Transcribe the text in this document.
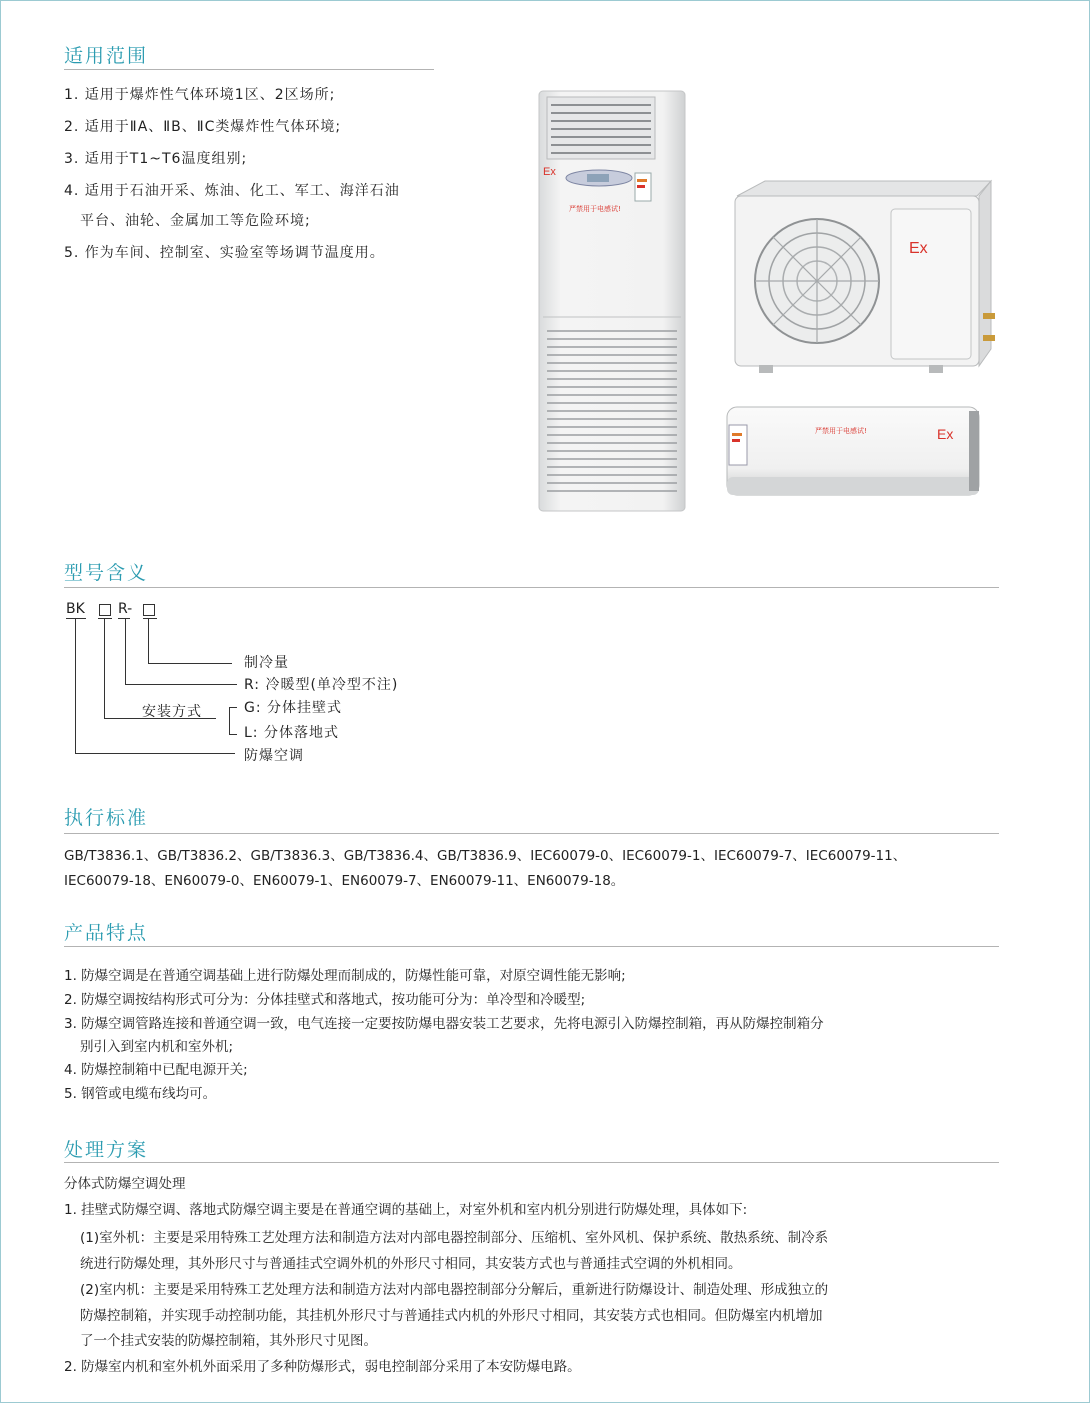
适用范围
1. 适用于爆炸性气体环境1区、2区场所;
2. 适用于ⅡA、ⅡB、ⅡC类爆炸性气体环境;
3. 适用于T1~T6温度组别;
4. 适用于石油开采、炼油、化工、军工、海洋石油
平台、油轮、金属加工等危险环境;
5. 作为车间、控制室、实验室等场调节温度用。
Ex
严禁用于电感试!
Ex
严禁用于电感试!	Ex
型号含义
BK R-
制冷量
R: 冷暖型(单冷型不注)
安装方式	G: 分体挂壁式
L: 分体落地式
防爆空调
执行标准
GB/T3836.1、GB/T3836.2、GB/T3836.3、GB/T3836.4、GB/T3836.9、IEC60079-0、IEC60079-1、IEC60079-7、IEC60079-11、
IEC60079-18、EN60079-0、EN60079-1、EN60079-7、EN60079-11、EN60079-18。
产品特点
1. 防爆空调是在普通空调基础上进行防爆处理而制成的，防爆性能可靠，对原空调性能无影响;
2. 防爆空调按结构形式可分为：分体挂壁式和落地式，按功能可分为：单冷型和冷暖型;
3. 防爆空调管路连接和普通空调一致，电气连接一定要按防爆电器安装工艺要求，先将电源引入防爆控制箱，再从防爆控制箱分
别引入到室内机和室外机;
4. 防爆控制箱中已配电源开关;
5. 钢管或电缆布线均可。
处理方案
分体式防爆空调处理
1. 挂壁式防爆空调、落地式防爆空调主要是在普通空调的基础上，对室外机和室内机分别进行防爆处理，具体如下:
(1)室外机：主要是采用特殊工艺处理方法和制造方法对内部电器控制部分、压缩机、室外风机、保护系统、散热系统、制冷系
统进行防爆处理，其外形尺寸与普通挂式空调外机的外形尺寸相同，其安装方式也与普通挂式空调的外机相同。
(2)室内机：主要是采用特殊工艺处理方法和制造方法对内部电器控制部分分解后，重新进行防爆设计、制造处理、形成独立的
防爆控制箱，并实现手动控制功能，其挂机外形尺寸与普通挂式内机的外形尺寸相同，其安装方式也相同。但防爆室内机增加
了一个挂式安装的防爆控制箱，其外形尺寸见图。
2. 防爆室内机和室外机外面采用了多种防爆形式，弱电控制部分采用了本安防爆电路。
